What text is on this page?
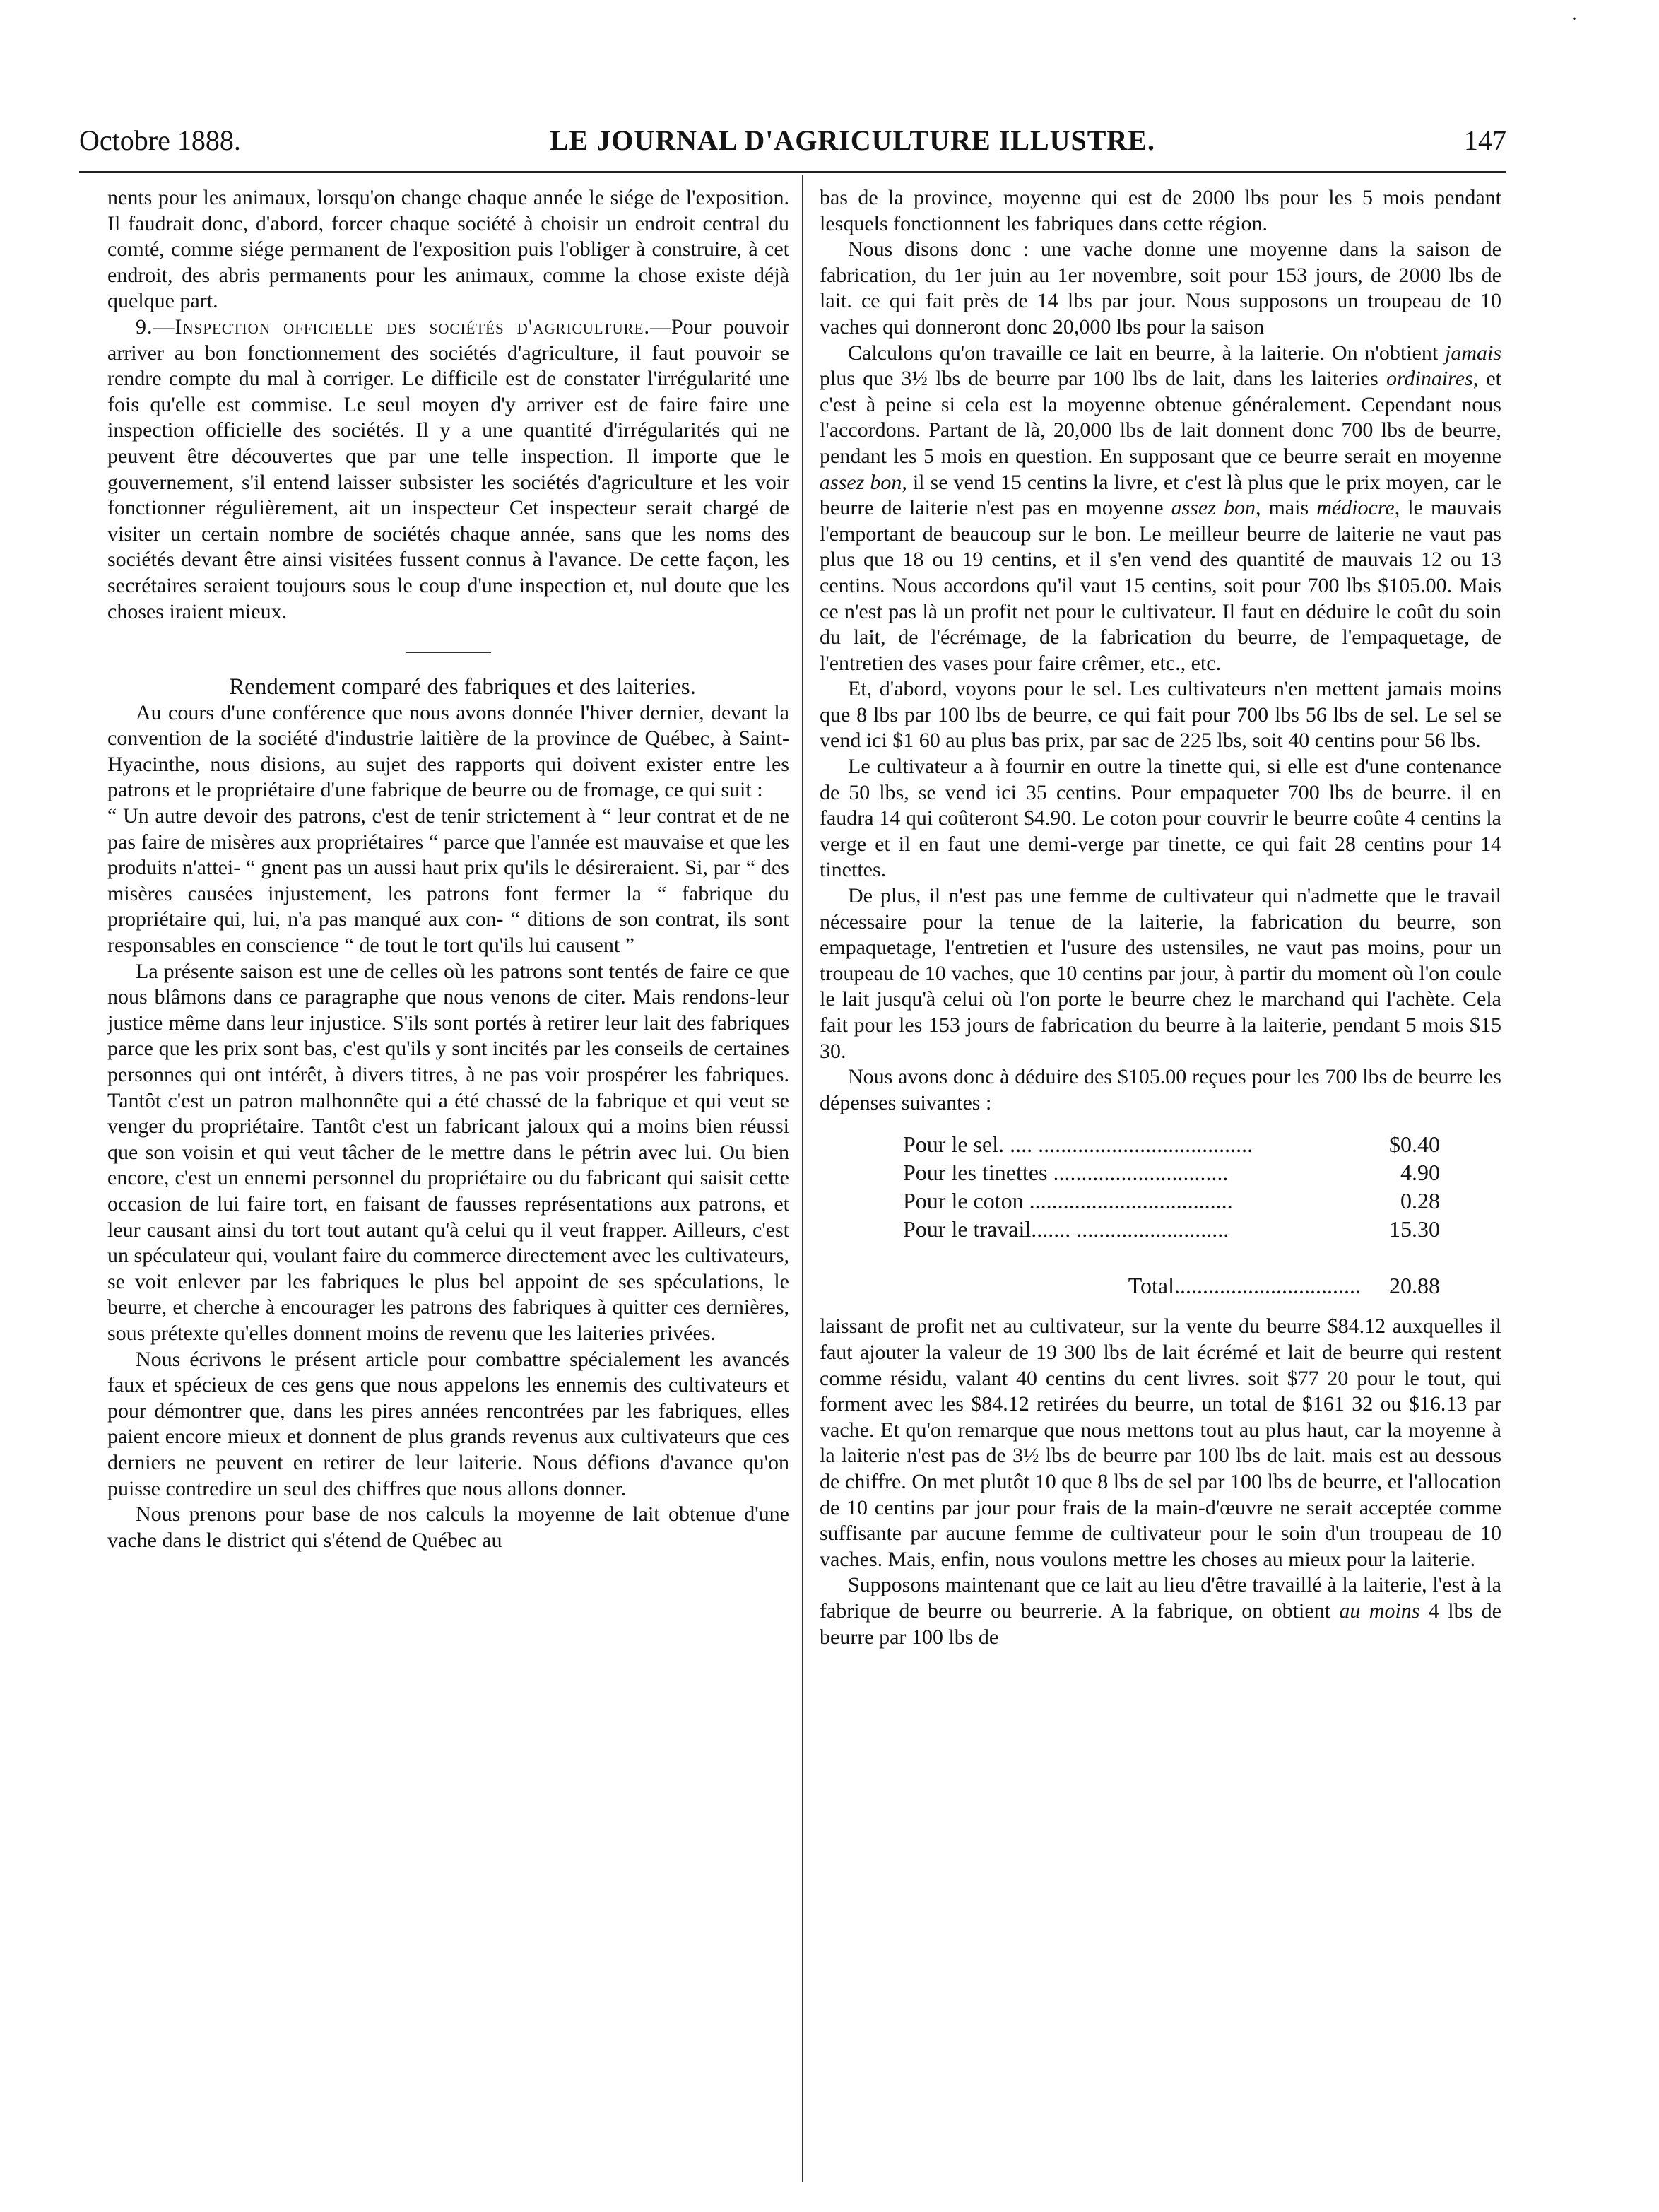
·
Octobre 1888.	LE JOURNAL D'AGRICULTURE ILLUSTRE.	147

nents pour les animaux, lorsqu'on change chaque année le siége de l'exposition. Il faudrait donc, d'abord, forcer chaque société à choisir un endroit central du comté, comme siége permanent de l'exposition puis l'obliger à construire, à cet endroit, des abris permanents pour les animaux, comme la chose existe déjà quelque part.

9.—Inspection officielle des sociétés d'agriculture.—Pour pouvoir arriver au bon fonctionnement des sociétés d'agriculture, il faut pouvoir se rendre compte du mal à corriger. Le difficile est de constater l'irrégularité une fois qu'elle est commise. Le seul moyen d'y arriver est de faire faire une inspection officielle des sociétés. Il y a une quantité d'irrégularités qui ne peuvent être découvertes que par une telle inspection. Il importe que le gouvernement, s'il entend laisser subsister les sociétés d'agriculture et les voir fonctionner régulièrement, ait un inspecteur Cet inspecteur serait chargé de visiter un certain nombre de sociétés chaque année, sans que les noms des sociétés devant être ainsi visitées fussent connus à l'avance. De cette façon, les secrétaires seraient toujours sous le coup d'une inspection et, nul doute que les choses iraient mieux.

Rendement comparé des fabriques et des laiteries.

Au cours d'une conférence que nous avons donnée l'hiver dernier, devant la convention de la société d'industrie laitière de la province de Québec, à Saint-Hyacinthe, nous disions, au sujet des rapports qui doivent exister entre les patrons et le propriétaire d'une fabrique de beurre ou de fromage, ce qui suit :

“ Un autre devoir des patrons, c'est de tenir strictement à “ leur contrat et de ne pas faire de misères aux propriétaires “ parce que l'année est mauvaise et que les produits n'attei- “ gnent pas un aussi haut prix qu'ils le désireraient. Si, par “ des misères causées injustement, les patrons font fermer la “ fabrique du propriétaire qui, lui, n'a pas manqué aux con- “ ditions de son contrat, ils sont responsables en conscience “ de tout le tort qu'ils lui causent ”

La présente saison est une de celles où les patrons sont tentés de faire ce que nous blâmons dans ce paragraphe que nous venons de citer. Mais rendons-leur justice même dans leur injustice. S'ils sont portés à retirer leur lait des fabriques parce que les prix sont bas, c'est qu'ils y sont incités par les conseils de certaines personnes qui ont intérêt, à divers titres, à ne pas voir prospérer les fabriques. Tantôt c'est un patron malhonnête qui a été chassé de la fabrique et qui veut se venger du propriétaire. Tantôt c'est un fabricant jaloux qui a moins bien réussi que son voisin et qui veut tâcher de le mettre dans le pétrin avec lui. Ou bien encore, c'est un ennemi personnel du propriétaire ou du fabricant qui saisit cette occasion de lui faire tort, en faisant de fausses représentations aux patrons, et leur causant ainsi du tort tout autant qu'à celui qu il veut frapper. Ailleurs, c'est un spéculateur qui, voulant faire du commerce directement avec les cultivateurs, se voit enlever par les fabriques le plus bel appoint de ses spéculations, le beurre, et cherche à encourager les patrons des fabriques à quitter ces dernières, sous prétexte qu'elles donnent moins de revenu que les laiteries privées.

Nous écrivons le présent article pour combattre spécialement les avancés faux et spécieux de ces gens que nous appelons les ennemis des cultivateurs et pour démontrer que, dans les pires années rencontrées par les fabriques, elles paient encore mieux et donnent de plus grands revenus aux cultivateurs que ces derniers ne peuvent en retirer de leur laiterie. Nous défions d'avance qu'on puisse contredire un seul des chiffres que nous allons donner.

Nous prenons pour base de nos calculs la moyenne de lait obtenue d'une vache dans le district qui s'étend de Québec au

bas de la province, moyenne qui est de 2000 lbs pour les 5 mois pendant lesquels fonctionnent les fabriques dans cette région.

Nous disons donc : une vache donne une moyenne dans la saison de fabrication, du 1er juin au 1er novembre, soit pour 153 jours, de 2000 lbs de lait. ce qui fait près de 14 lbs par jour. Nous supposons un troupeau de 10 vaches qui donneront donc 20,000 lbs pour la saison

Calculons qu'on travaille ce lait en beurre, à la laiterie. On n'obtient jamais plus que 3½ lbs de beurre par 100 lbs de lait, dans les laiteries ordinaires, et c'est à peine si cela est la moyenne obtenue généralement. Cependant nous l'accordons. Partant de là, 20,000 lbs de lait donnent donc 700 lbs de beurre, pendant les 5 mois en question. En supposant que ce beurre serait en moyenne assez bon, il se vend 15 centins la livre, et c'est là plus que le prix moyen, car le beurre de laiterie n'est pas en moyenne assez bon, mais médiocre, le mauvais l'emportant de beaucoup sur le bon. Le meilleur beurre de laiterie ne vaut pas plus que 18 ou 19 centins, et il s'en vend des quantité de mauvais 12 ou 13 centins. Nous accordons qu'il vaut 15 centins, soit pour 700 lbs $105.00. Mais ce n'est pas là un profit net pour le cultivateur. Il faut en déduire le coût du soin du lait, de l'écrémage, de la fabrication du beurre, de l'empaquetage, de l'entretien des vases pour faire crêmer, etc., etc.

Et, d'abord, voyons pour le sel. Les cultivateurs n'en mettent jamais moins que 8 lbs par 100 lbs de beurre, ce qui fait pour 700 lbs 56 lbs de sel. Le sel se vend ici $1 60 au plus bas prix, par sac de 225 lbs, soit 40 centins pour 56 lbs.

Le cultivateur a à fournir en outre la tinette qui, si elle est d'une contenance de 50 lbs, se vend ici 35 centins. Pour empaqueter 700 lbs de beurre. il en faudra 14 qui coûteront $4.90. Le coton pour couvrir le beurre coûte 4 centins la verge et il en faut une demi-verge par tinette, ce qui fait 28 centins pour 14 tinettes.

De plus, il n'est pas une femme de cultivateur qui n'admette que le travail nécessaire pour la tenue de la laiterie, la fabrication du beurre, son empaquetage, l'entretien et l'usure des ustensiles, ne vaut pas moins, pour un troupeau de 10 vaches, que 10 centins par jour, à partir du moment où l'on coule le lait jusqu'à celui où l'on porte le beurre chez le marchand qui l'achète. Cela fait pour les 153 jours de fabrication du beurre à la laiterie, pendant 5 mois $15 30.

Nous avons donc à déduire des $105.00 reçues pour les 700 lbs de beurre les dépenses suivantes :

Pour le sel. .... ......................................	$0.40
Pour les tinettes ...............................	4.90
Pour le coton ....................................	0.28
Pour le travail....... ...........................	15.30
Total................................. 20.88

laissant de profit net au cultivateur, sur la vente du beurre $84.12 auxquelles il faut ajouter la valeur de 19 300 lbs de lait écrémé et lait de beurre qui restent comme résidu, valant 40 centins du cent livres. soit $77 20 pour le tout, qui forment avec les $84.12 retirées du beurre, un total de $161 32 ou $16.13 par vache. Et qu'on remarque que nous mettons tout au plus haut, car la moyenne à la laiterie n'est pas de 3½ lbs de beurre par 100 lbs de lait. mais est au dessous de chiffre. On met plutôt 10 que 8 lbs de sel par 100 lbs de beurre, et l'allocation de 10 centins par jour pour frais de la main-d'œuvre ne serait acceptée comme suffisante par aucune femme de cultivateur pour le soin d'un troupeau de 10 vaches. Mais, enfin, nous voulons mettre les choses au mieux pour la laiterie.

Supposons maintenant que ce lait au lieu d'être travaillé à la laiterie, l'est à la fabrique de beurre ou beurrerie. A la fabrique, on obtient au moins 4 lbs de beurre par 100 lbs de
